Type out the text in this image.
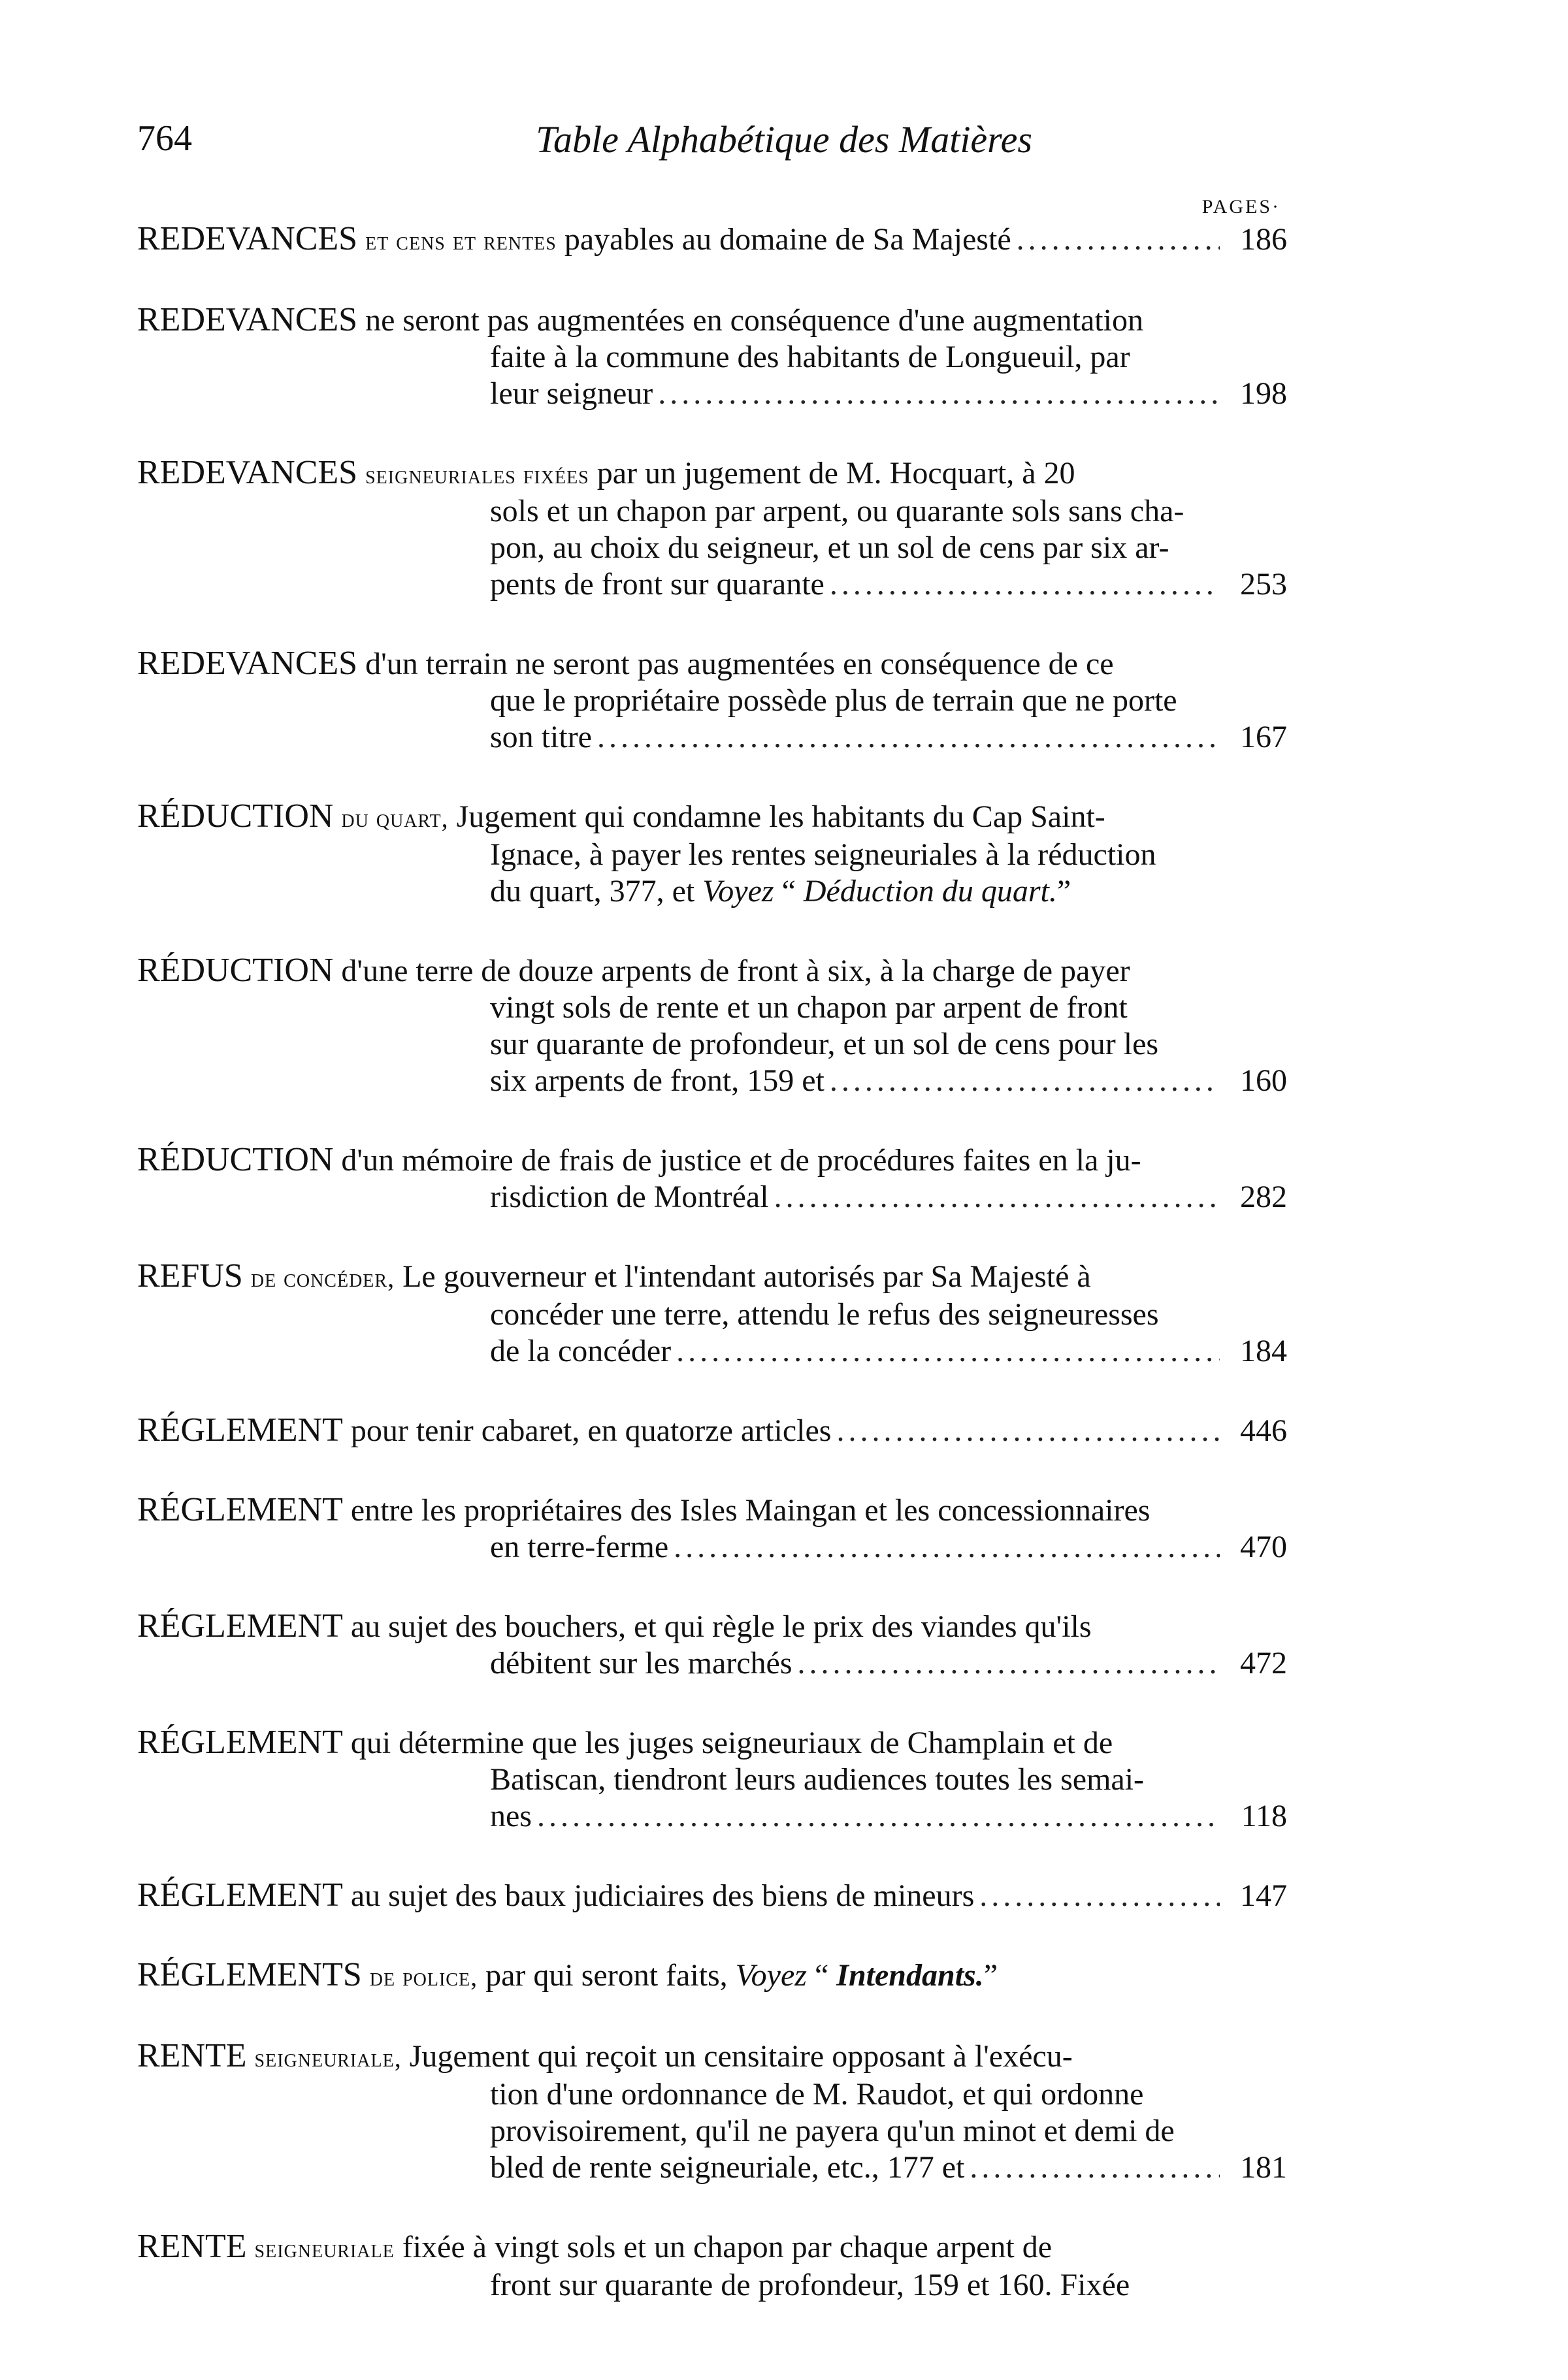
764	Table Alphabétique des Matières
PAGES·
REDEVANCES et cens et rentes payables au domaine de Sa Majesté .....	186
REDEVANCES ne seront pas augmentées en conséquence d'une augmentation
faite à la commune des habitants de Longueuil, par
leur seigneur .....	198
REDEVANCES seigneuriales fixées par un jugement de M. Hocquart, à 20
sols et un chapon par arpent, ou quarante sols sans cha-
pon, au choix du seigneur, et un sol de cens par six ar-
pents de front sur quarante .....	253
REDEVANCES d'un terrain ne seront pas augmentées en conséquence de ce
que le propriétaire possède plus de terrain que ne porte
son titre .....	167
RÉDUCTION du quart, Jugement qui condamne les habitants du Cap Saint-
Ignace, à payer les rentes seigneuriales à la réduction
du quart, 377, et Voyez “ Déduction du quart.”
RÉDUCTION d'une terre de douze arpents de front à six, à la charge de payer
vingt sols de rente et un chapon par arpent de front
sur quarante de profondeur, et un sol de cens pour les
six arpents de front, 159 et .....	160
RÉDUCTION d'un mémoire de frais de justice et de procédures faites en la ju-
risdiction de Montréal .....	282
REFUS de concéder, Le gouverneur et l'intendant autorisés par Sa Majesté à
concéder une terre, attendu le refus des seigneuresses
de la concéder .....	184
RÉGLEMENT pour tenir cabaret, en quatorze articles .....	446
RÉGLEMENT entre les propriétaires des Isles Maingan et les concessionnaires
en terre-ferme .....	470
RÉGLEMENT au sujet des bouchers, et qui règle le prix des viandes qu'ils
débitent sur les marchés .....	472
RÉGLEMENT qui détermine que les juges seigneuriaux de Champlain et de
Batiscan, tiendront leurs audiences toutes les semai-
nes .....	118
RÉGLEMENT au sujet des baux judiciaires des biens de mineurs .....	147
RÉGLEMENTS de police, par qui seront faits, Voyez “ Intendants.”
RENTE seigneuriale, Jugement qui reçoit un censitaire opposant à l'exécu-
tion d'une ordonnance de M. Raudot, et qui ordonne
provisoirement, qu'il ne payera qu'un minot et demi de
bled de rente seigneuriale, etc., 177 et .....	181
RENTE seigneuriale fixée à vingt sols et un chapon par chaque arpent de
front sur quarante de profondeur, 159 et 160. Fixée
